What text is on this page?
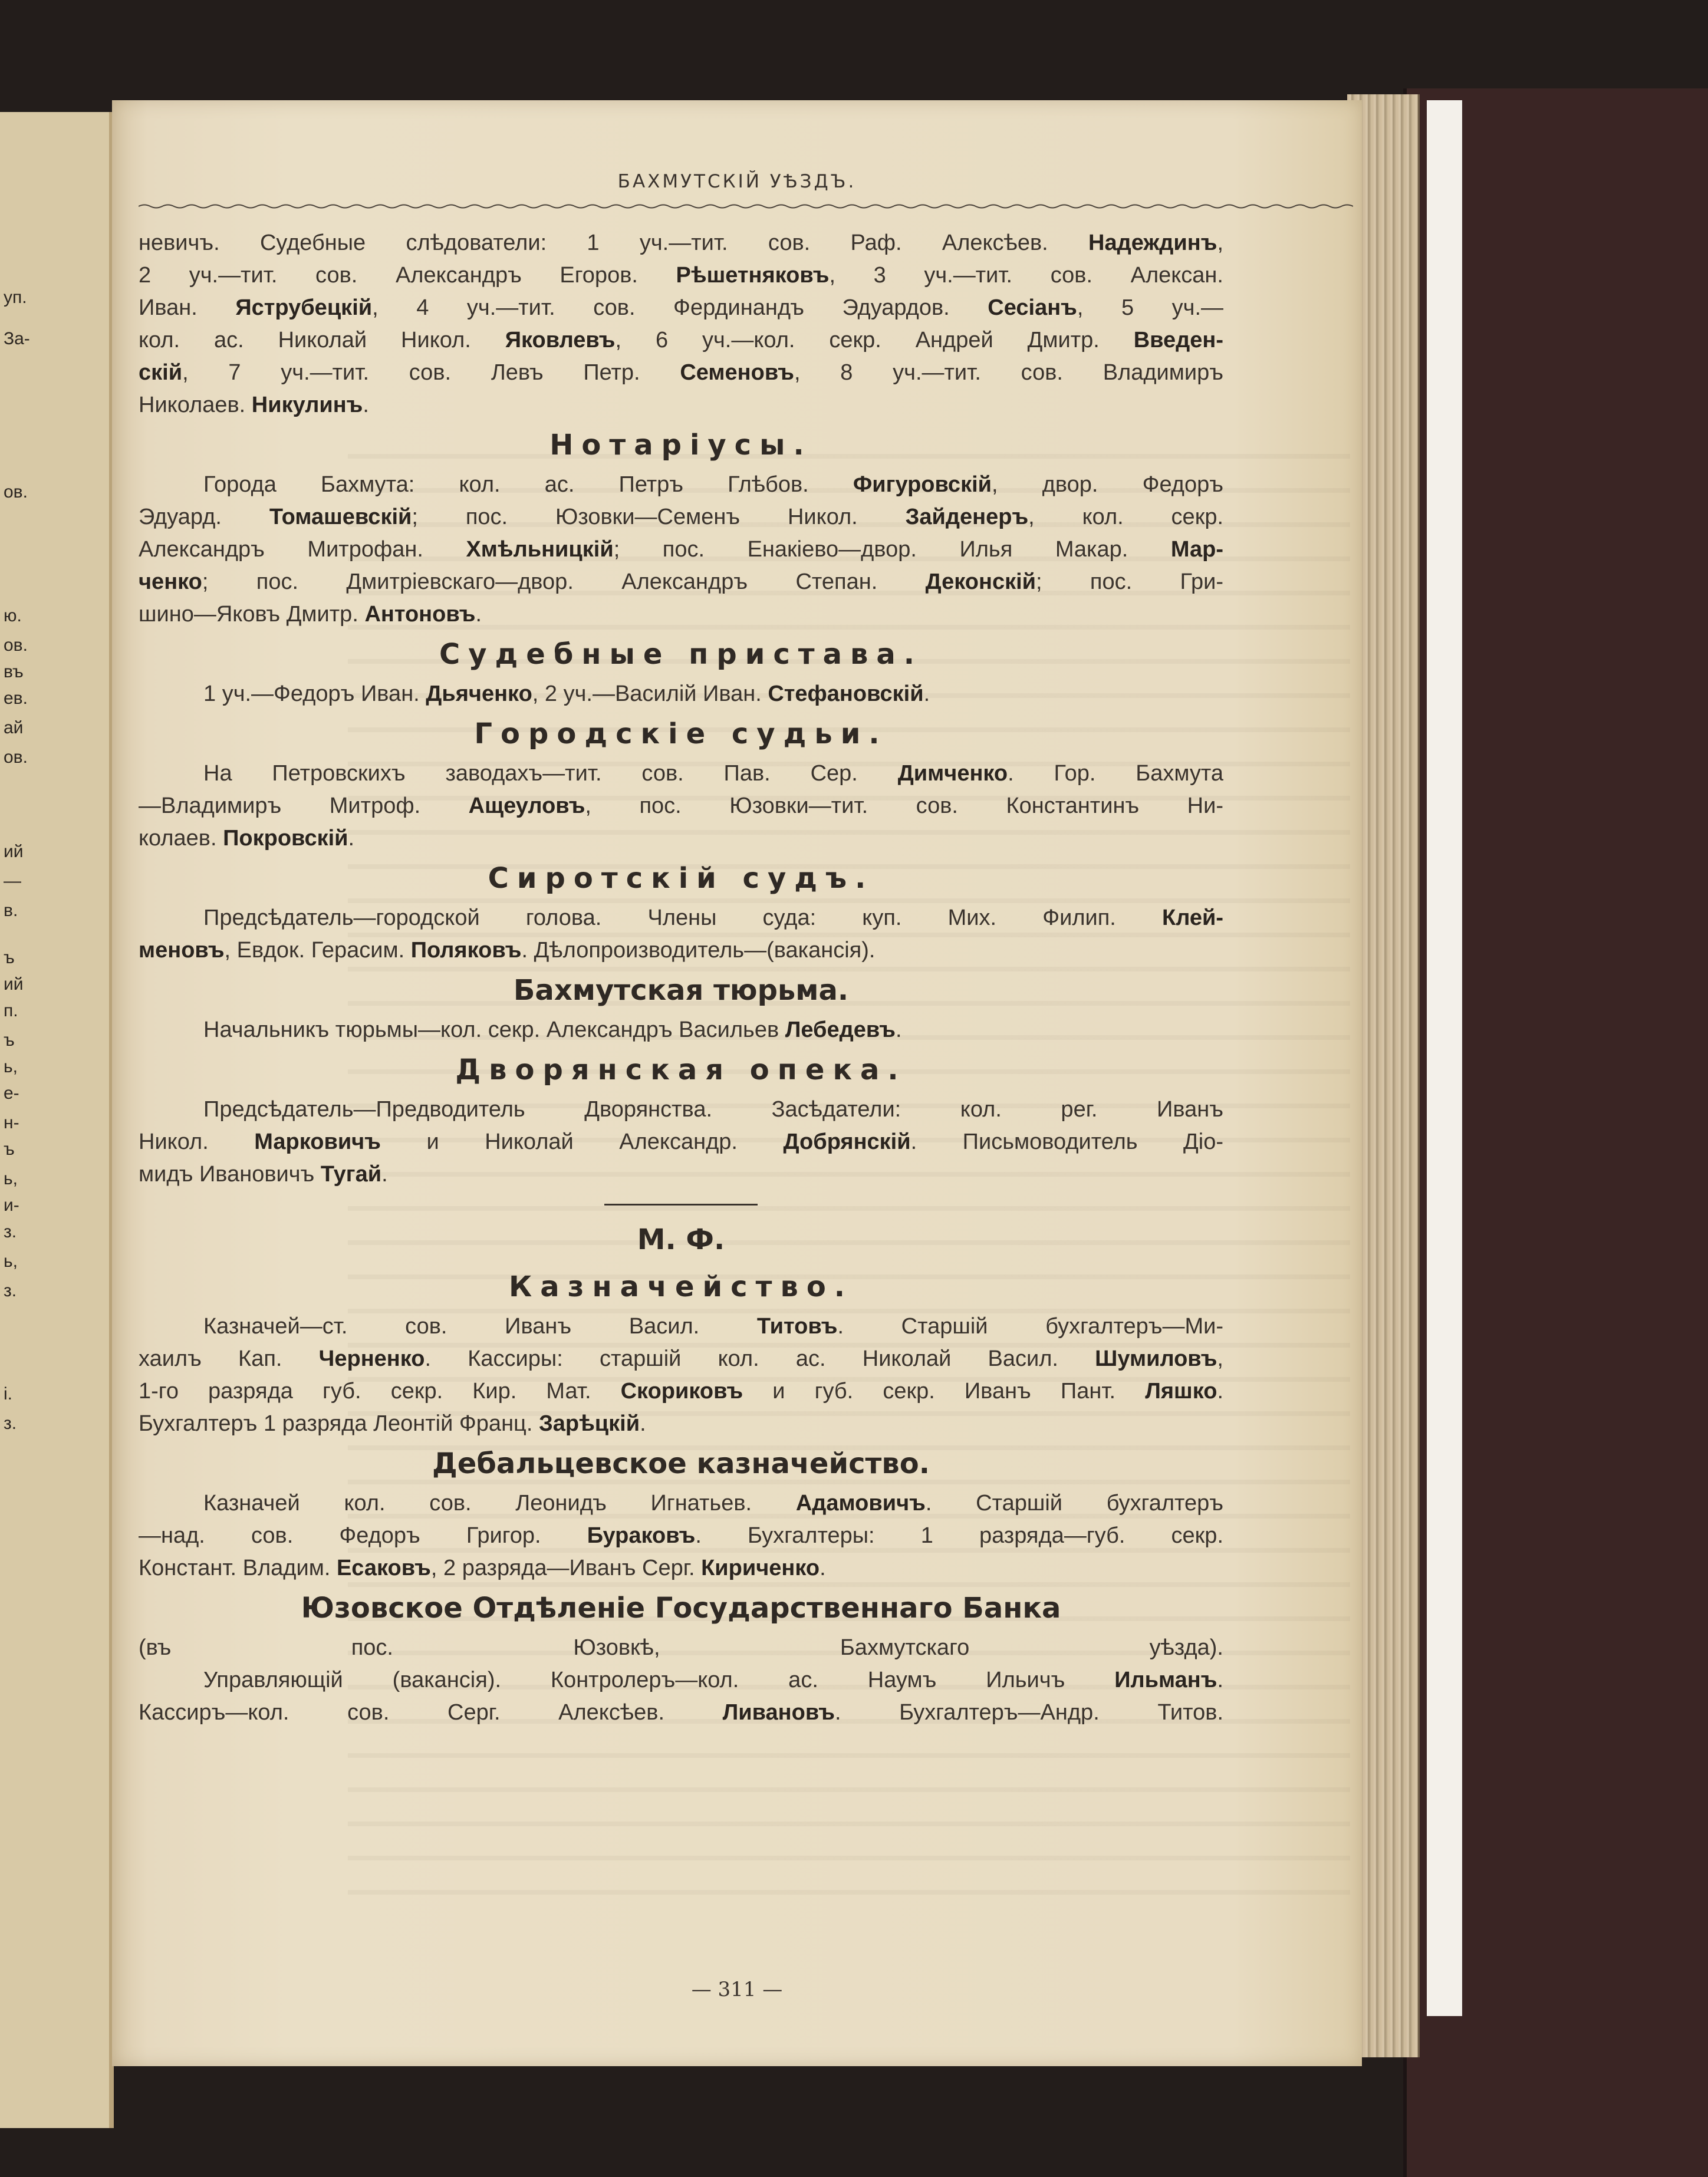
уп.
За-
ов.
ю.
ов.
въ
ев.
ай
ов.
ий
—
в.
ъ
ий
п.
ъ
ь,
е-
н-
ъ
ь,
и-
з.
ь,
з.
і.
з.
БАХМУТСКІЙ УѢЗДЪ.
невичъ. Судебные слѣдователи: 1 уч.—тит. сов. Раф. Алексѣев. Надеждинъ,
2 уч.—тит. сов. Александръ Егоров. Рѣшетняковъ, 3 уч.—тит. сов. Алексан.
Иван. Яструбецкій, 4 уч.—тит. сов. Фердинандъ Эдуардов. Сесіанъ, 5 уч.—
кол. ас. Николай Никол. Яковлевъ, 6 уч.—кол. секр. Андрей Дмитр. Введен-
скій, 7 уч.—тит. сов. Левъ Петр. Семеновъ, 8 уч.—тит. сов. Владимиръ
Николаев. Никулинъ.
Нотаріусы.
Города Бахмута: кол. ас. Петръ Глѣбов. Фигуровскій, двор. Федоръ
Эдуард. Томашевскій; пос. Юзовки—Семенъ Никол. Зайденеръ, кол. секр.
Александръ Митрофан. Хмѣльницкій; пос. Енакіево—двор. Илья Макар. Мар-
ченко; пос. Дмитріевскаго—двор. Александръ Степан. Деконскій; пос. Гри-
шино—Яковъ Дмитр. Антоновъ.
Судебные пристава.
1 уч.—Федоръ Иван. Дьяченко, 2 уч.—Василій Иван. Стефановскій.
Городскіе судьи.
На Петровскихъ заводахъ—тит. сов. Пав. Сер. Димченко. Гор. Бахмута
—Владимиръ Митроф. Ащеуловъ, пос. Юзовки—тит. сов. Константинъ Ни-
колаев. Покровскій.
Сиротскій судъ.
Предсѣдатель—городской голова. Члены суда: куп. Мих. Филип. Клей-
меновъ, Евдок. Герасим. Поляковъ. Дѣлопроизводитель—(вакансія).
Бахмутская тюрьма.
Начальникъ тюрьмы—кол. секр. Александръ Васильев Лебедевъ.
Дворянская опека.
Предсѣдатель—Предводитель Дворянства. Засѣдатели: кол. рег. Иванъ
Никол. Марковичъ и Николай Александр. Добрянскій. Письмоводитель Діо-
мидъ Ивановичъ Тугай.
М. Ф.
Казначейство.
Казначей—ст. сов. Иванъ Васил. Титовъ. Старшій бухгалтеръ—Ми-
хаилъ Кап. Черненко. Кассиры: старшій кол. ас. Николай Васил. Шумиловъ,
1-го разряда губ. секр. Кир. Мат. Скориковъ и губ. секр. Иванъ Пант. Ляшко.
Бухгалтеръ 1 разряда Леонтій Франц. Зарѣцкій.
Дебальцевское казначейство.
Казначей кол. сов. Леонидъ Игнатьев. Адамовичъ. Старшій бухгалтеръ
—над. сов. Федоръ Григор. Бураковъ. Бухгалтеры: 1 разряда—губ. секр.
Констант. Владим. Есаковъ, 2 разряда—Иванъ Серг. Кириченко.
Юзовское Отдѣленіе Государственнаго Банка
(въ пос. Юзовкѣ, Бахмутскаго уѣзда).
Управляющій (вакансія). Контролеръ—кол. ас. Наумъ Ильичъ Ильманъ.
Кассиръ—кол. сов. Серг. Алексѣев. Ливановъ. Бухгалтеръ—Андр. Титов.
— 311 —
